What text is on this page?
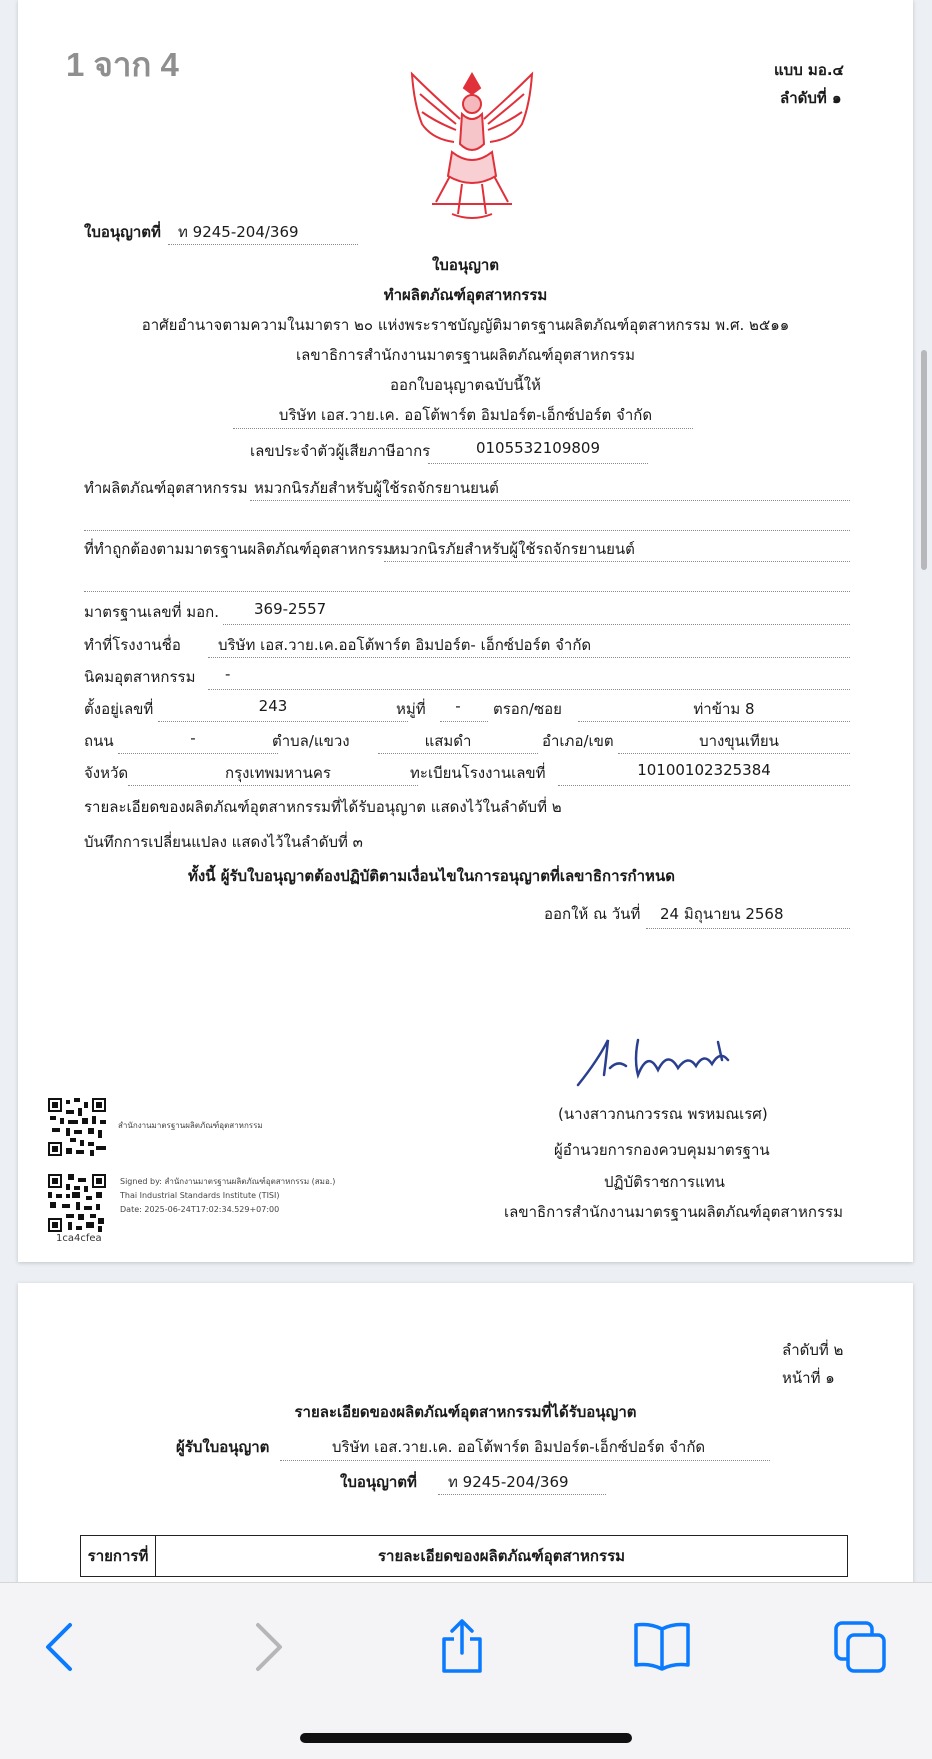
1 จาก 4	แบบ มอ.๔
ลำดับที่ ๑
ใบอนุญาตที่	ท 9245-204/369
ใบอนุญาต
ทำผลิตภัณฑ์อุตสาหกรรม
อาศัยอำนาจตามความในมาตรา ๒๐ แห่งพระราชบัญญัติมาตรฐานผลิตภัณฑ์อุตสาหกรรม พ.ศ. ๒๕๑๑
เลขาธิการสำนักงานมาตรฐานผลิตภัณฑ์อุตสาหกรรม
ออกใบอนุญาตฉบับนี้ให้
บริษัท เอส.วาย.เค. ออโต้พาร์ต อิมปอร์ต-เอ็กซ์ปอร์ต จำกัด
เลขประจำตัวผู้เสียภาษีอากร	0105532109809
ทำผลิตภัณฑ์อุตสาหกรรม หมวกนิรภัยสำหรับผู้ใช้รถจักรยานยนต์
ที่ทำถูกต้องตามมาตรฐานผลิตภัณฑ์อุตสาหกรรม
หมวกนิรภัยสำหรับผู้ใช้รถจักรยานยนต์
มาตรฐานเลขที่ มอก. 369-2557
ทำที่โรงงานชื่อ บริษัท เอส.วาย.เค.ออโต้พาร์ต อิมปอร์ต- เอ็กซ์ปอร์ต จำกัด
นิคมอุตสาหกรรม -
ตั้งอยู่เลขที่	243	หมู่ที่	-	ตรอก/ซอย	ท่าข้าม 8
ถนน	-	ตำบล/แขวง	แสมดำ	อำเภอ/เขต	บางขุนเทียน
จังหวัด	กรุงเทพมหานคร	ทะเบียนโรงงานเลขที่	10100102325384
รายละเอียดของผลิตภัณฑ์อุตสาหกรรมที่ได้รับอนุญาต แสดงไว้ในลำดับที่ ๒
บันทึกการเปลี่ยนแปลง แสดงไว้ในลำดับที่ ๓
ทั้งนี้ ผู้รับใบอนุญาตต้องปฏิบัติตามเงื่อนไขในการอนุญาตที่เลขาธิการกำหนด
ออกให้ ณ วันที่ 24 มิถุนายน 2568
(นางสาวกนกวรรณ พรหมณเรศ)
ผู้อำนวยการกองควบคุมมาตรฐาน
ปฏิบัติราชการแทน
เลขาธิการสำนักงานมาตรฐานผลิตภัณฑ์อุตสาหกรรม
สำนักงานมาตรฐานผลิตภัณฑ์อุตสาหกรรม
Signed by: สำนักงานมาตรฐานผลิตภัณฑ์อุตสาหกรรม (สมอ.)
Thai Industrial Standards Institute (TISI)
Date: 2025-06-24T17:02:34.529+07:00
1ca4cfea
ลำดับที่ ๒
หน้าที่ ๑
รายละเอียดของผลิตภัณฑ์อุตสาหกรรมที่ได้รับอนุญาต
ผู้รับใบอนุญาต	บริษัท เอส.วาย.เค. ออโต้พาร์ต อิมปอร์ต-เอ็กซ์ปอร์ต จำกัด
ใบอนุญาตที่ ท 9245-204/369
รายการที่	รายละเอียดของผลิตภัณฑ์อุตสาหกรรม
